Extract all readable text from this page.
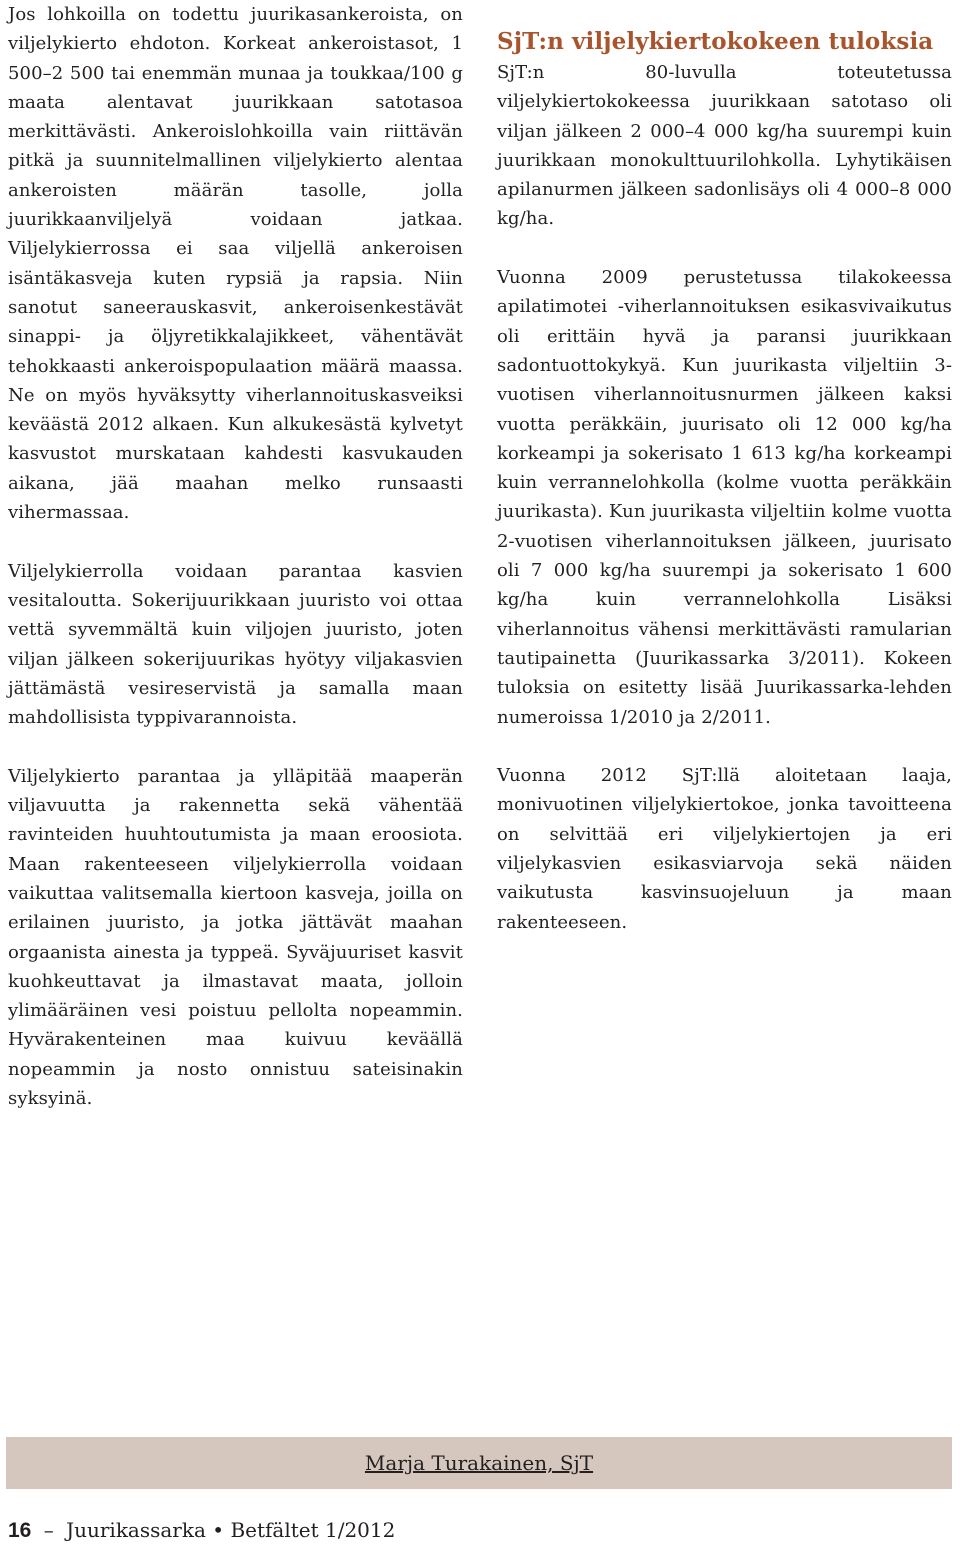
Jos lohkoilla on todettu juurikasankeroista, on viljelykierto ehdoton. Korkeat ankeroistasot, 1 500–2 500 tai enemmän munaa ja toukkaa/100 g maata alentavat juurikkaan satotasoa merkittävästi. Ankeroislohkoilla vain riittävän pitkä ja suunnitelmallinen viljelykierto alentaa ankeroisten määrän tasolle, jolla juurikkaanviljelyä voidaan jatkaa. Viljelykierrossa ei saa viljellä ankeroisen isäntäkasveja kuten rypsiä ja rapsia. Niin sanotut saneerauskasvit, ankeroisenkestävät sinappi- ja öljyretikkalajikkeet, vähentävät tehokkaasti ankeroispopulaation määrä maassa. Ne on myös hyväksytty viherlannoituskasveiksi keväästä 2012 alkaen. Kun alkukesästä kylvetyt kasvustot murskataan kahdesti kasvukauden aikana, jää maahan melko runsaasti vihermassaa.

Viljelykierrolla voidaan parantaa kasvien vesitaloutta. Sokerijuurikkaan juuristo voi ottaa vettä syvemmältä kuin viljojen juuristo, joten viljan jälkeen sokerijuurikas hyötyy viljakasvien jättämästä vesireservistä ja samalla maan mahdollisista typpivarannoista.

Viljelykierto parantaa ja ylläpitää maaperän viljavuutta ja rakennetta sekä vähentää ravinteiden huuhtoutumista ja maan eroosiota. Maan rakenteeseen viljelykierrolla voidaan vaikuttaa valitsemalla kiertoon kasveja, joilla on erilainen juuristo, ja jotka jättävät maahan orgaanista ainesta ja typpeä. Syväjuuriset kasvit kuohkeuttavat ja ilmastavat maata, jolloin ylimääräinen vesi poistuu pellolta nopeammin. Hyvärakenteinen maa kuivuu keväällä nopeammin ja nosto onnistuu sateisinakin syksyinä.

SjT:n viljelykiertokokeen tuloksia

SjT:n 80-luvulla toteutetussa viljelykiertokokeessa juurikkaan satotaso oli viljan jälkeen 2 000–4 000 kg/ha suurempi kuin juurikkaan monokulttuurilohkolla. Lyhytikäisen apilanurmen jälkeen sadonlisäys oli 4 000–8 000 kg/ha.

Vuonna 2009 perustetussa tilakokeessa apilatimotei -viherlannoituksen esikasvivaikutus oli erittäin hyvä ja paransi juurikkaan sadontuottokykyä. Kun juurikasta viljeltiin 3-vuotisen viherlannoitusnurmen jälkeen kaksi vuotta peräkkäin, juurisato oli 12 000 kg/ha korkeampi ja sokerisato 1 613 kg/ha korkeampi kuin verrannelohkolla (kolme vuotta peräkkäin juurikasta). Kun juurikasta viljeltiin kolme vuotta 2-vuotisen viherlannoituksen jälkeen, juurisato oli 7 000 kg/ha suurempi ja sokerisato 1 600 kg/ha kuin verrannelohkolla Lisäksi viherlannoitus vähensi merkittävästi ramularian tautipainetta (Juurikassarka 3/2011). Kokeen tuloksia on esitetty lisää Juurikassarka-lehden numeroissa 1/2010 ja 2/2011.

Vuonna 2012 SjT:llä aloitetaan laaja, monivuotinen viljelykiertokoe, jonka tavoitteena on selvittää eri viljelykiertojen ja eri viljelykasvien esikasviarvoja sekä näiden vaikutusta kasvinsuojeluun ja maan rakenteeseen.

Marja Turakainen, SjT
16 – Juurikassarka • Betfältet 1/2012
